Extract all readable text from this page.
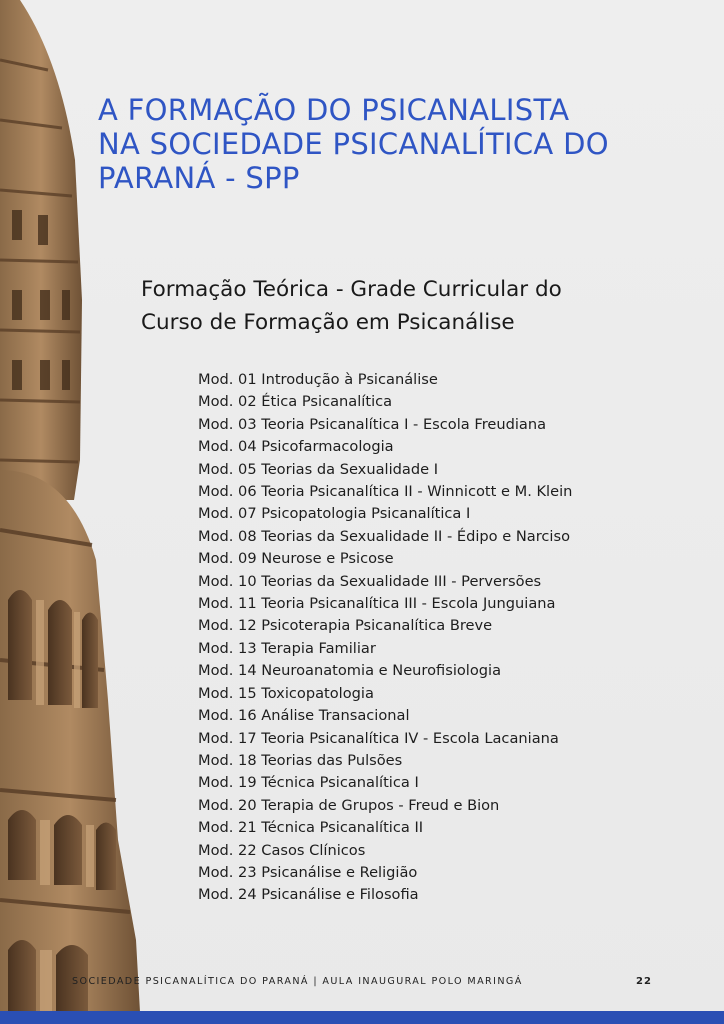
A FORMAÇÃO DO PSICANALISTA
NA SOCIEDADE PSICANALÍTICA DO
PARANÁ - SPP
Formação Teórica - Grade Curricular do
Curso de Formação em Psicanálise
Mod. 01 Introdução à Psicanálise
Mod. 02 Ética Psicanalítica
Mod. 03 Teoria Psicanalítica I - Escola Freudiana
Mod. 04 Psicofarmacologia
Mod. 05 Teorias da Sexualidade I
Mod. 06 Teoria Psicanalítica II - Winnicott e M. Klein
Mod. 07 Psicopatologia Psicanalítica I
Mod. 08 Teorias da Sexualidade II - Édipo e Narciso
Mod. 09 Neurose e Psicose
Mod. 10 Teorias da Sexualidade III - Perversões
Mod. 11 Teoria Psicanalítica III - Escola Junguiana
Mod. 12 Psicoterapia Psicanalítica Breve
Mod. 13 Terapia Familiar
Mod. 14 Neuroanatomia e Neurofisiologia
Mod. 15 Toxicopatologia
Mod. 16 Análise Transacional
Mod. 17 Teoria Psicanalítica IV - Escola Lacaniana
Mod. 18 Teorias das Pulsões
Mod. 19 Técnica Psicanalítica I
Mod. 20 Terapia de Grupos - Freud e Bion
Mod. 21 Técnica Psicanalítica II
Mod. 22 Casos Clínicos
Mod. 23 Psicanálise e Religião
Mod. 24 Psicanálise e Filosofia
SOCIEDADE PSICANALÍTICA DO PARANÁ | AULA INAUGURAL POLO MARINGÁ	22
